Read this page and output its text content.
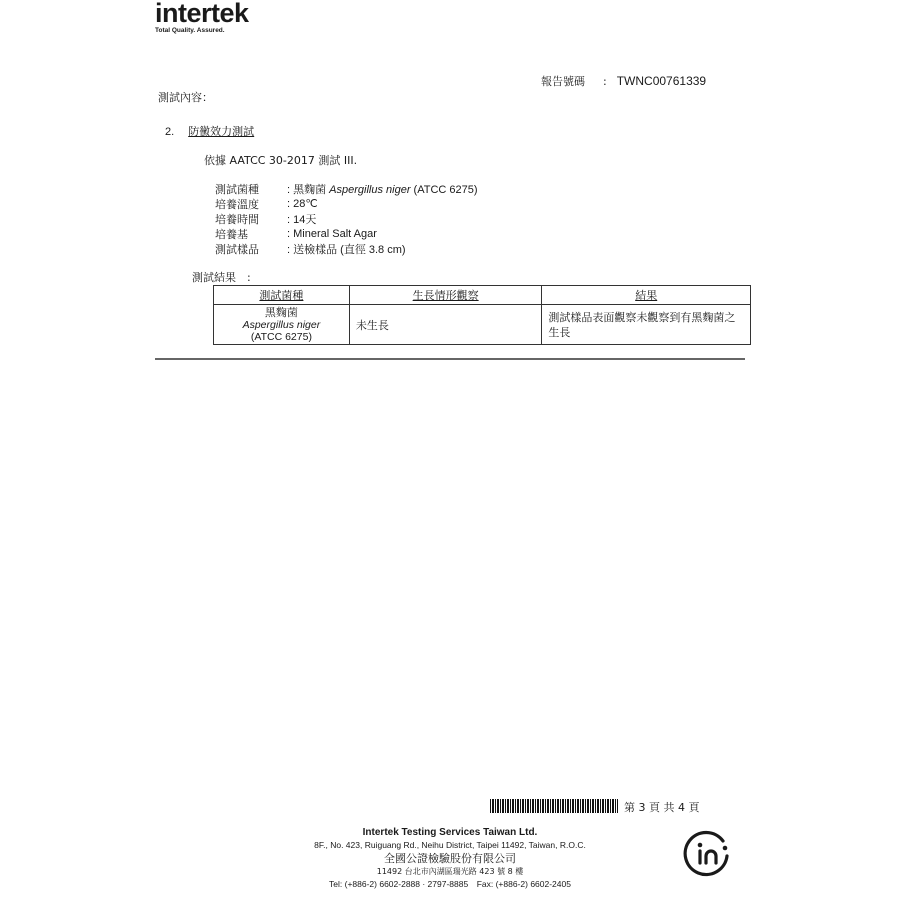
intertek
Total Quality. Assured.
報告號碼 : TWNC00761339
測試內容：
2. 防黴效力測試
依據 AATCC 30-2017 測試 III.
測試菌種	: 黑麴菌 Aspergillus niger (ATCC 6275)
培養溫度	: 28℃
培養時間	: 14天
培養基	: Mineral Salt Agar
測試樣品	: 送檢樣品 (直徑 3.8 cm)
測試結果　:
測試菌種	生長情形觀察	結果

黑麴菌
Aspergillus niger
(ATCC 6275)	未生長	測試樣品表面觀察未觀察到有黑麴菌之生長
第 3 頁 共 4 頁
Intertek Testing Services Taiwan Ltd.
8F., No. 423, Ruiguang Rd., Neihu District, Taipei 11492, Taiwan, R.O.C.
全國公證檢驗股份有限公司
11492 台北市內湖區瑞光路 423 號 8 樓
Tel: (+886-2) 6602-2888 · 2797-8885　Fax: (+886-2) 6602-2405
